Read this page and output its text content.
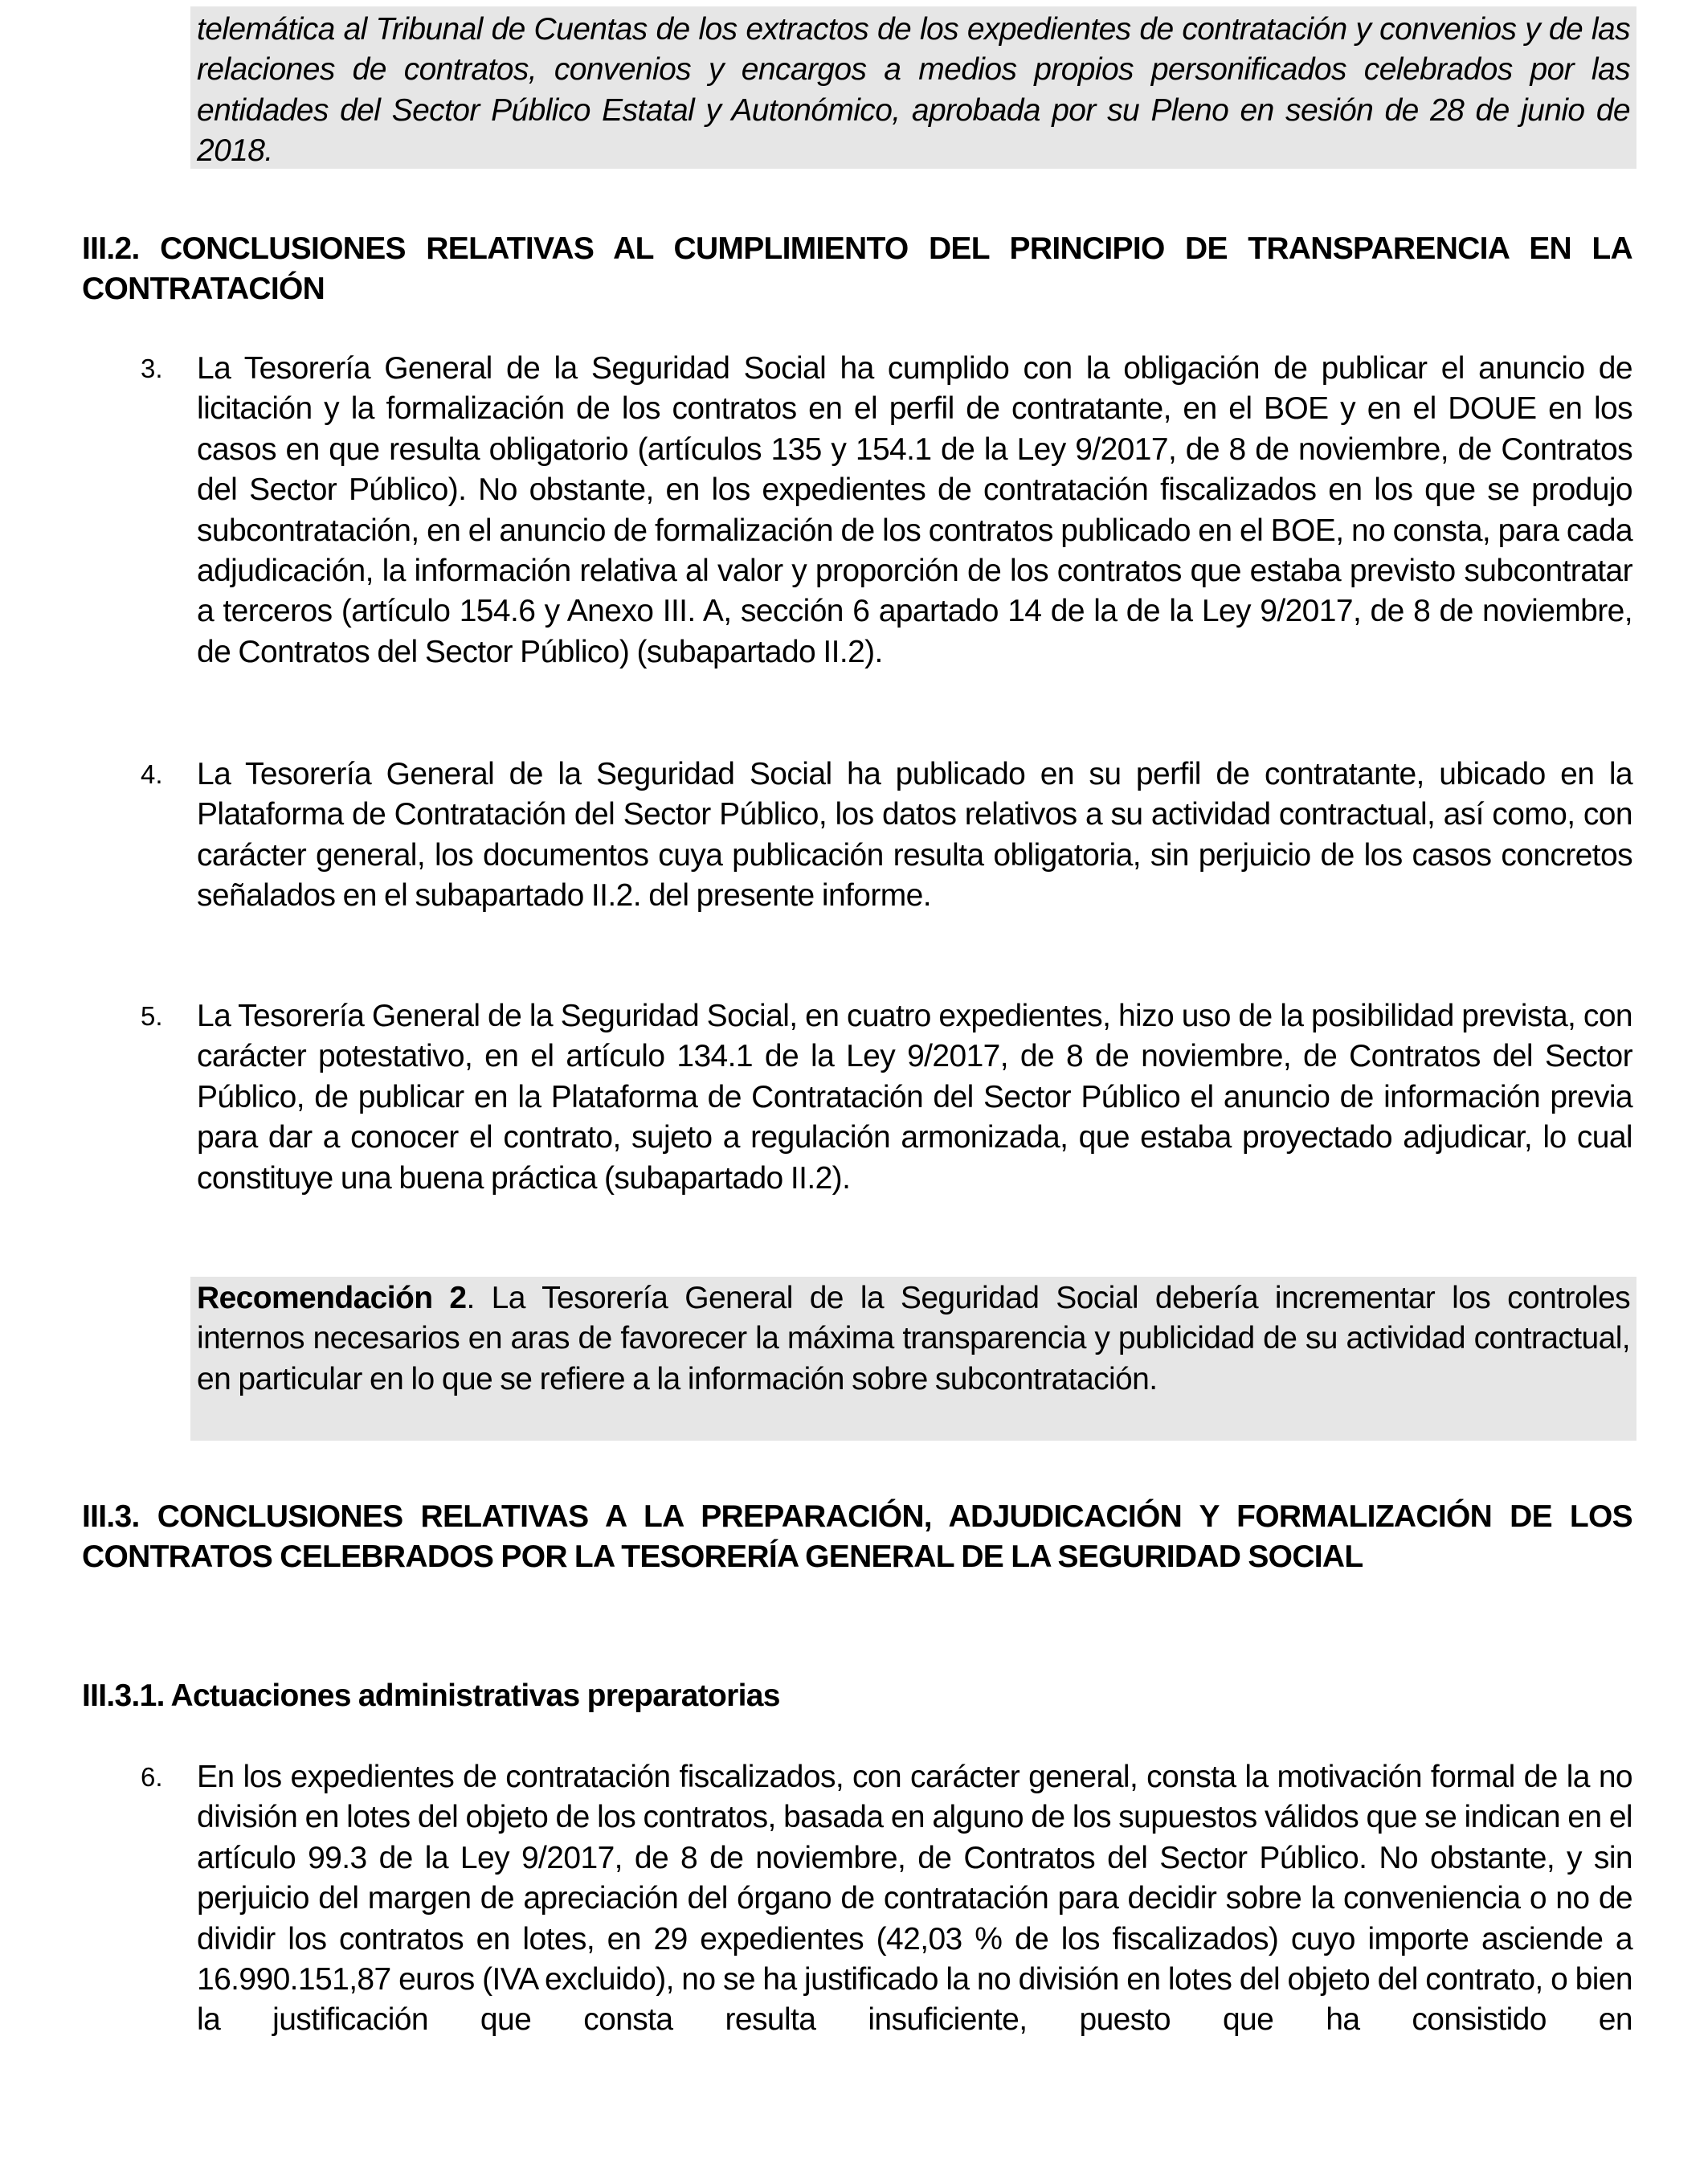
telemática al Tribunal de Cuentas de los extractos de los expedientes de contratación y convenios y de las relaciones de contratos, convenios y encargos a medios propios personificados celebrados por las entidades del Sector Público Estatal y Autonómico, aprobada por su Pleno en sesión de 28 de junio de 2018.
III.2. CONCLUSIONES RELATIVAS AL CUMPLIMIENTO DEL PRINCIPIO DE TRANSPARENCIA EN LA CONTRATACIÓN
3. La Tesorería General de la Seguridad Social ha cumplido con la obligación de publicar el anuncio de licitación y la formalización de los contratos en el perfil de contratante, en el BOE y en el DOUE en los casos en que resulta obligatorio (artículos 135 y 154.1 de la Ley 9/2017, de 8 de noviembre, de Contratos del Sector Público). No obstante, en los expedientes de contratación fiscalizados en los que se produjo subcontratación, en el anuncio de formalización de los contratos publicado en el BOE, no consta, para cada adjudicación, la información relativa al valor y proporción de los contratos que estaba previsto subcontratar a terceros (artículo 154.6 y Anexo III. A, sección 6 apartado 14 de la de la Ley 9/2017, de 8 de noviembre, de Contratos del Sector Público) (subapartado II.2).
4. La Tesorería General de la Seguridad Social ha publicado en su perfil de contratante, ubicado en la Plataforma de Contratación del Sector Público, los datos relativos a su actividad contractual, así como, con carácter general, los documentos cuya publicación resulta obligatoria, sin perjuicio de los casos concretos señalados en el subapartado II.2. del presente informe.
5. La Tesorería General de la Seguridad Social, en cuatro expedientes, hizo uso de la posibilidad prevista, con carácter potestativo, en el artículo 134.1 de la Ley 9/2017, de 8 de noviembre, de Contratos del Sector Público, de publicar en la Plataforma de Contratación del Sector Público el anuncio de información previa para dar a conocer el contrato, sujeto a regulación armonizada, que estaba proyectado adjudicar, lo cual constituye una buena práctica (subapartado II.2).
Recomendación 2. La Tesorería General de la Seguridad Social debería incrementar los controles internos necesarios en aras de favorecer la máxima transparencia y publicidad de su actividad contractual, en particular en lo que se refiere a la información sobre subcontratación.
III.3. CONCLUSIONES RELATIVAS A LA PREPARACIÓN, ADJUDICACIÓN Y FORMALIZACIÓN DE LOS CONTRATOS CELEBRADOS POR LA TESORERÍA GENERAL DE LA SEGURIDAD SOCIAL
III.3.1. Actuaciones administrativas preparatorias
6. En los expedientes de contratación fiscalizados, con carácter general, consta la motivación formal de la no división en lotes del objeto de los contratos, basada en alguno de los supuestos válidos que se indican en el artículo 99.3 de la Ley 9/2017, de 8 de noviembre, de Contratos del Sector Público. No obstante, y sin perjuicio del margen de apreciación del órgano de contratación para decidir sobre la conveniencia o no de dividir los contratos en lotes, en 29 expedientes (42,03 % de los fiscalizados) cuyo importe asciende a 16.990.151,87 euros (IVA excluido), no se ha justificado la no división en lotes del objeto del contrato, o bien la justificación que consta resulta insuficiente, puesto que ha consistido en
